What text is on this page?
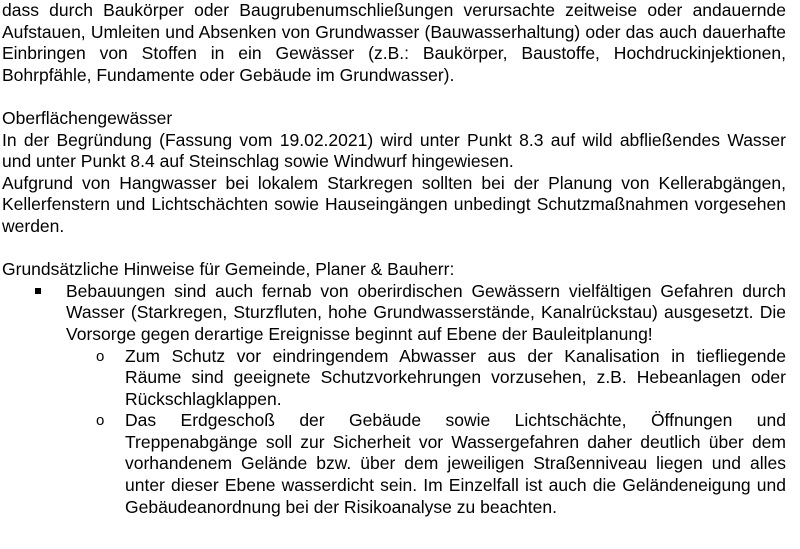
dass durch Baukörper oder Baugrubenumschließungen verursachte zeitweise oder andauernde Aufstauen, Umleiten und Absenken von Grundwasser (Bauwasserhaltung) oder das auch dauerhafte Einbringen von Stoffen in ein Gewässer (z.B.: Baukörper, Baustoffe, Hochdruckinjektionen, Bohrpfähle, Fundamente oder Gebäude im Grundwasser).

Oberflächengewässer

In der Begründung (Fassung vom 19.02.2021) wird unter Punkt 8.3 auf wild abfließendes Wasser und unter Punkt 8.4 auf Steinschlag sowie Windwurf hingewiesen.

Aufgrund von Hangwasser bei lokalem Starkregen sollten bei der Planung von Kellerabgängen, Kellerfenstern und Lichtschächten sowie Hauseingängen unbedingt Schutzmaßnahmen vorgesehen werden.

Grundsätzliche Hinweise für Gemeinde, Planer & Bauherr:

Bebauungen sind auch fernab von oberirdischen Gewässern vielfältigen Gefahren durch Wasser (Starkregen, Sturzfluten, hohe Grundwasserstände, Kanalrückstau) ausgesetzt. Die Vorsorge gegen derartige Ereignisse beginnt auf Ebene der Bauleitplanung!

o Zum Schutz vor eindringendem Abwasser aus der Kanalisation in tiefliegende Räume sind geeignete Schutzvorkehrungen vorzusehen, z.B. Hebeanlagen oder Rückschlagklappen.

o Das Erdgeschoß der Gebäude sowie Lichtschächte, Öffnungen und Treppenabgänge soll zur Sicherheit vor Wassergefahren daher deutlich über dem vorhandenem Gelände bzw. über dem jeweiligen Straßenniveau liegen und alles unter dieser Ebene wasserdicht sein. Im Einzelfall ist auch die Geländeneigung und Gebäudeanordnung bei der Risikoanalyse zu beachten.
